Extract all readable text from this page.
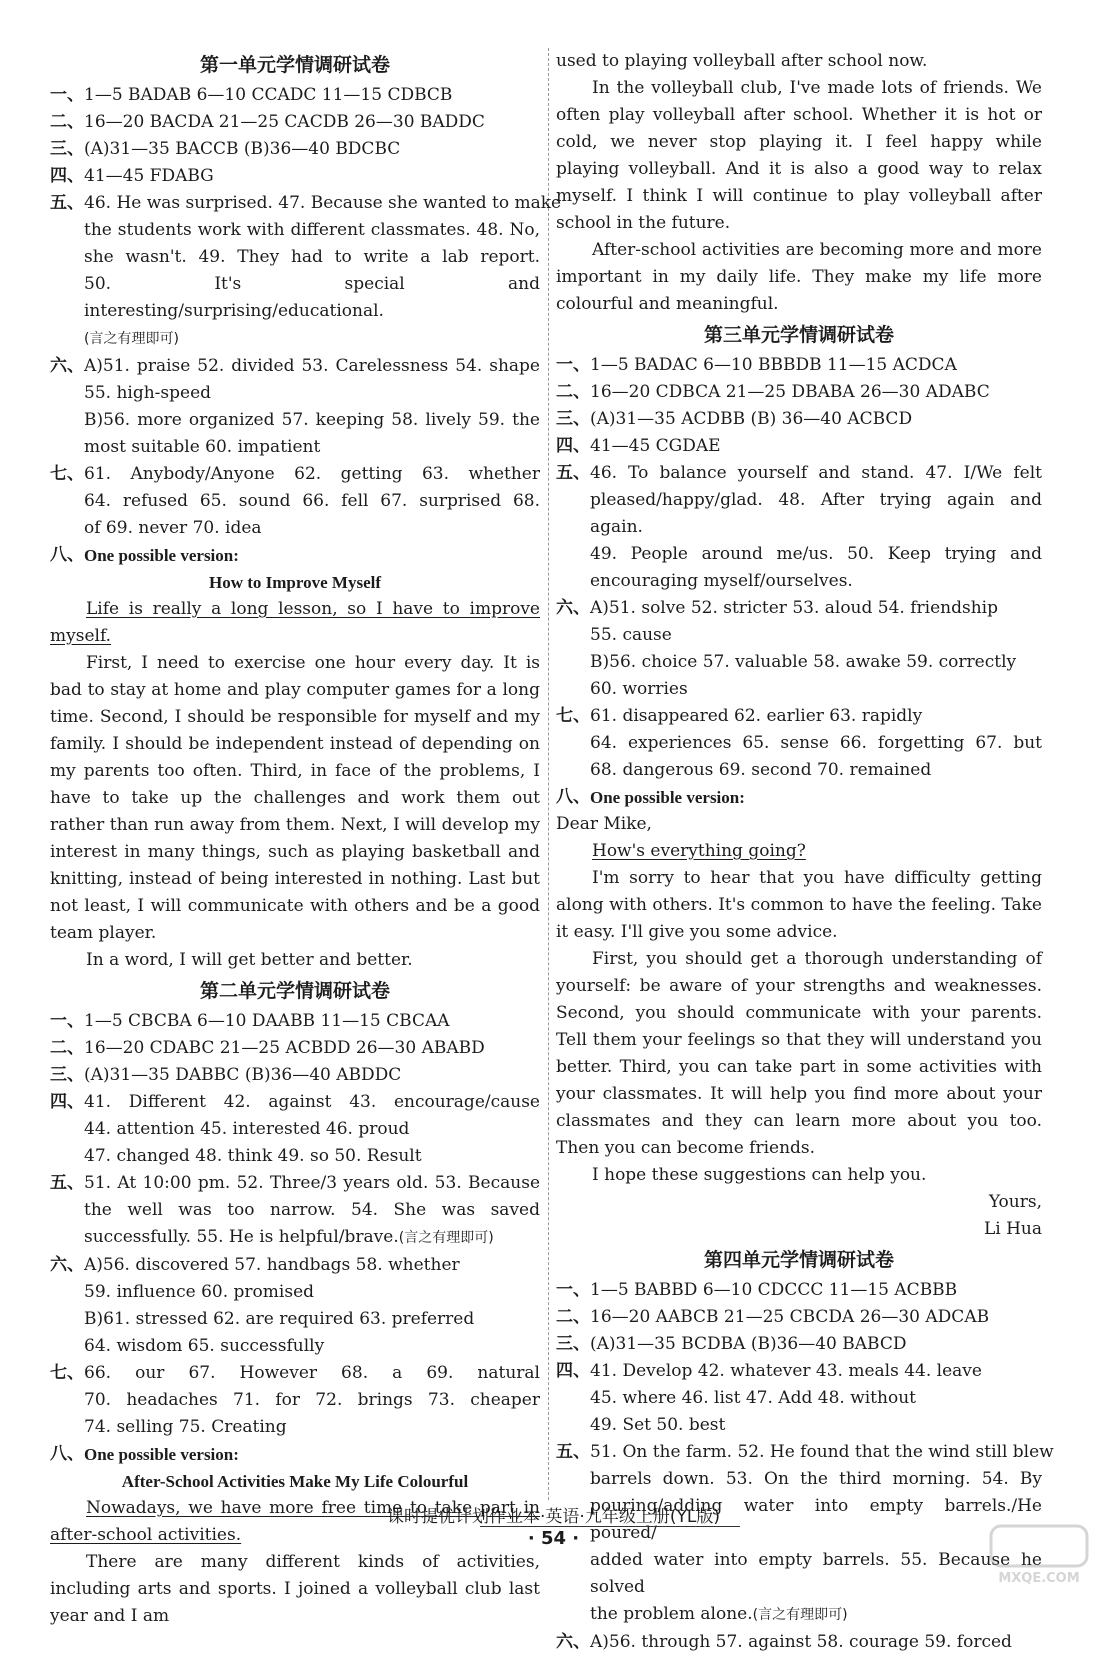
第一单元学情调研试卷
一、 1—5 BADAB 6—10 CCADC 11—15 CDBCB
二、 16—20 BACDA 21—25 CACDB 26—30 BADDC
三、 (A)31—35 BACCB (B)36—40 BDCBC
四、 41—45 FDABG
五、 46. He was surprised. 47. Because she wanted to make
the students work with different classmates. 48. No,
she wasn't. 49. They had to write a lab report.
50. It's special and interesting/surprising/educational.
(言之有理即可)
六、 A)51. praise 52. divided 53. Carelessness 54. shape
55. high-speed
B)56. more organized 57. keeping 58. lively 59. the
most suitable 60. impatient
七、 61. Anybody/Anyone 62. getting 63. whether
64. refused 65. sound 66. fell 67. surprised 68.
of 69. never 70. idea
八、 One possible version:
How to Improve Myself
Life is really a long lesson, so I have to improve myself.
First, I need to exercise one hour every day. It is bad to stay at home and play computer games for a long time. Second, I should be responsible for myself and my family. I should be independent instead of depending on my parents too often. Third, in face of the problems, I have to take up the challenges and work them out rather than run away from them. Next, I will develop my interest in many things, such as playing basketball and knitting, instead of being interested in nothing. Last but not least, I will communicate with others and be a good team player.
In a word, I will get better and better.
第二单元学情调研试卷
一、 1—5 CBCBA 6—10 DAABB 11—15 CBCAA
二、 16—20 CDABC 21—25 ACBDD 26—30 ABABD
三、 (A)31—35 DABBC (B)36—40 ABDDC
四、 41. Different 42. against 43. encourage/cause
44. attention 45. interested 46. proud
47. changed 48. think 49. so 50. Result
五、 51. At 10:00 pm. 52. Three/3 years old. 53. Because
the well was too narrow. 54. She was saved
successfully. 55. He is helpful/brave.(言之有理即可)
六、 A)56. discovered 57. handbags 58. whether
59. influence 60. promised
B)61. stressed 62. are required 63. preferred
64. wisdom 65. successfully
七、 66. our 67. However 68. a 69. natural
70. headaches 71. for 72. brings 73. cheaper
74. selling 75. Creating
八、 One possible version:
After-School Activities Make My Life Colourful
Nowadays, we have more free time to take part in after-school activities.
There are many different kinds of activities, including arts and sports. I joined a volleyball club last year and I am
used to playing volleyball after school now.
In the volleyball club, I've made lots of friends. We often play volleyball after school. Whether it is hot or cold, we never stop playing it. I feel happy while playing volleyball. And it is also a good way to relax myself. I think I will continue to play volleyball after school in the future.
After-school activities are becoming more and more important in my daily life. They make my life more colourful and meaningful.
第三单元学情调研试卷
一、 1—5 BADAC 6—10 BBBDB 11—15 ACDCA
二、 16—20 CDBCA 21—25 DBABA 26—30 ADABC
三、 (A)31—35 ACDBB (B) 36—40 ACBCD
四、 41—45 CGDAE
五、 46. To balance yourself and stand. 47. I/We felt
pleased/happy/glad. 48. After trying again and again.
49. People around me/us. 50. Keep trying and
encouraging myself/ourselves.
六、 A)51. solve 52. stricter 53. aloud 54. friendship
55. cause
B)56. choice 57. valuable 58. awake 59. correctly
60. worries
七、 61. disappeared 62. earlier 63. rapidly
64. experiences 65. sense 66. forgetting 67. but
68. dangerous 69. second 70. remained
八、 One possible version:
Dear Mike,
How's everything going?
I'm sorry to hear that you have difficulty getting along with others. It's common to have the feeling. Take it easy. I'll give you some advice.
First, you should get a thorough understanding of yourself: be aware of your strengths and weaknesses. Second, you should communicate with your parents. Tell them your feelings so that they will understand you better. Third, you can take part in some activities with your classmates. It will help you find more about your classmates and they can learn more about you too. Then you can become friends.
I hope these suggestions can help you.
Yours,
Li Hua
第四单元学情调研试卷
一、 1—5 BABBD 6—10 CDCCC 11—15 ACBBB
二、 16—20 AABCB 21—25 CBCDA 26—30 ADCAB
三、 (A)31—35 BCDBA (B)36—40 BABCD
四、 41. Develop 42. whatever 43. meals 44. leave
45. where 46. list 47. Add 48. without
49. Set 50. best
五、 51. On the farm. 52. He found that the wind still blew
barrels down. 53. On the third morning. 54. By
pouring/adding water into empty barrels./He poured/
added water into empty barrels. 55. Because he solved
the problem alone.(言之有理即可)
六、 A)56. through 57. against 58. courage 59. forced
课时提优计划作业本·英语·九年级上册(YL版)
· 54 ·
MXQE.COM
